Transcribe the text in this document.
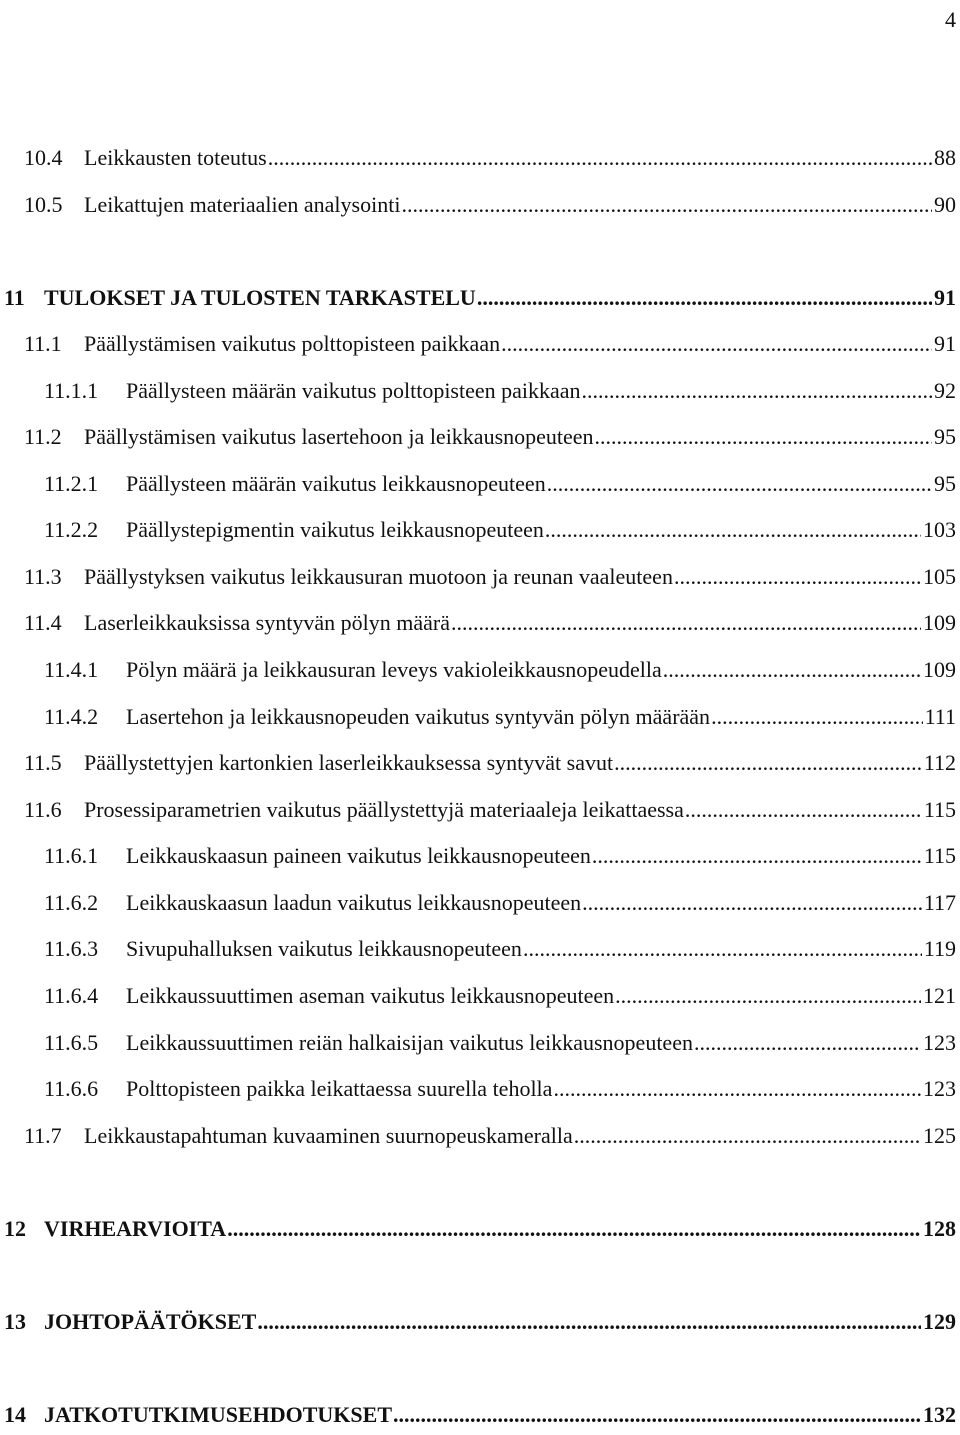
4
10.4 Leikkausten toteutus .....	88
10.5 Leikattujen materiaalien analysointi .....	90
11 TULOKSET JA TULOSTEN TARKASTELU .....	91
11.1	Päällystämisen vaikutus polttopisteen paikkaan .....	91
11.1.1	Päällysteen määrän vaikutus polttopisteen paikkaan .....	92
11.2	Päällystämisen vaikutus lasertehoon ja leikkausnopeuteen .....	95
11.2.1	Päällysteen määrän vaikutus leikkausnopeuteen .....	95
11.2.2	Päällystepigmentin vaikutus leikkausnopeuteen .....	103
11.3	Päällystyksen vaikutus leikkausuran muotoon ja reunan vaaleuteen .....	105
11.4	Laserleikkauksissa syntyvän pölyn määrä .....	109
11.4.1	Pölyn määrä ja leikkausuran leveys vakioleikkausnopeudella .....	109
11.4.2	Lasertehon ja leikkausnopeuden vaikutus syntyvän pölyn määrään .....	111
11.5	Päällystettyjen kartonkien laserleikkauksessa syntyvät savut .....	112
11.6	Prosessiparametrien vaikutus päällystettyjä materiaaleja leikattaessa .....	115
11.6.1	Leikkauskaasun paineen vaikutus leikkausnopeuteen .....	115
11.6.2	Leikkauskaasun laadun vaikutus leikkausnopeuteen .....	117
11.6.3	Sivupuhalluksen vaikutus leikkausnopeuteen .....	119
11.6.4	Leikkaussuuttimen aseman vaikutus leikkausnopeuteen .....	121
11.6.5	Leikkaussuuttimen reiän halkaisijan vaikutus leikkausnopeuteen .....	123
11.6.6	Polttopisteen paikka leikattaessa suurella teholla .....	123
11.7	Leikkaustapahtuman kuvaaminen suurnopeuskameralla .....	125
12 VIRHEARVIOITA .....	128
13 JOHTOPÄÄTÖKSET .....	129
14 JATKOTUTKIMUSEHDOTUKSET .....	132
